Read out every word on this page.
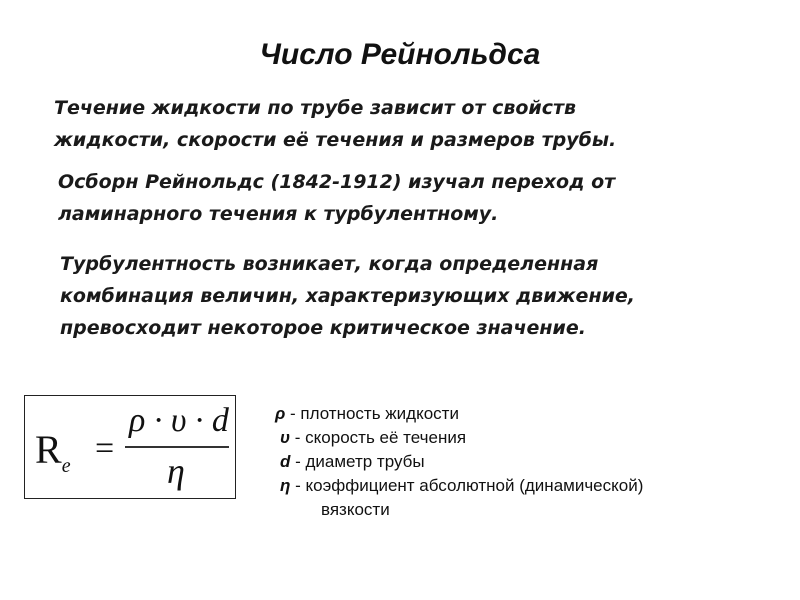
Число Рейнольдса
Течение жидкости по трубе зависит от свойств
жидкости, скорости её течения и размеров трубы.
Осборн Рейнольдс (1842-1912) изучал переход от
ламинарного течения к турбулентному.
Турбулентность возникает, когда определенная
комбинация величин, характеризующих движение,
превосходит некоторое критическое значение.
$R_e$ =
ρ · υ · d
η
ρ - плотность жидкости
υ - скорость её течения
d - диаметр трубы
η - коэффициент абсолютной (динамической)
вязкости
